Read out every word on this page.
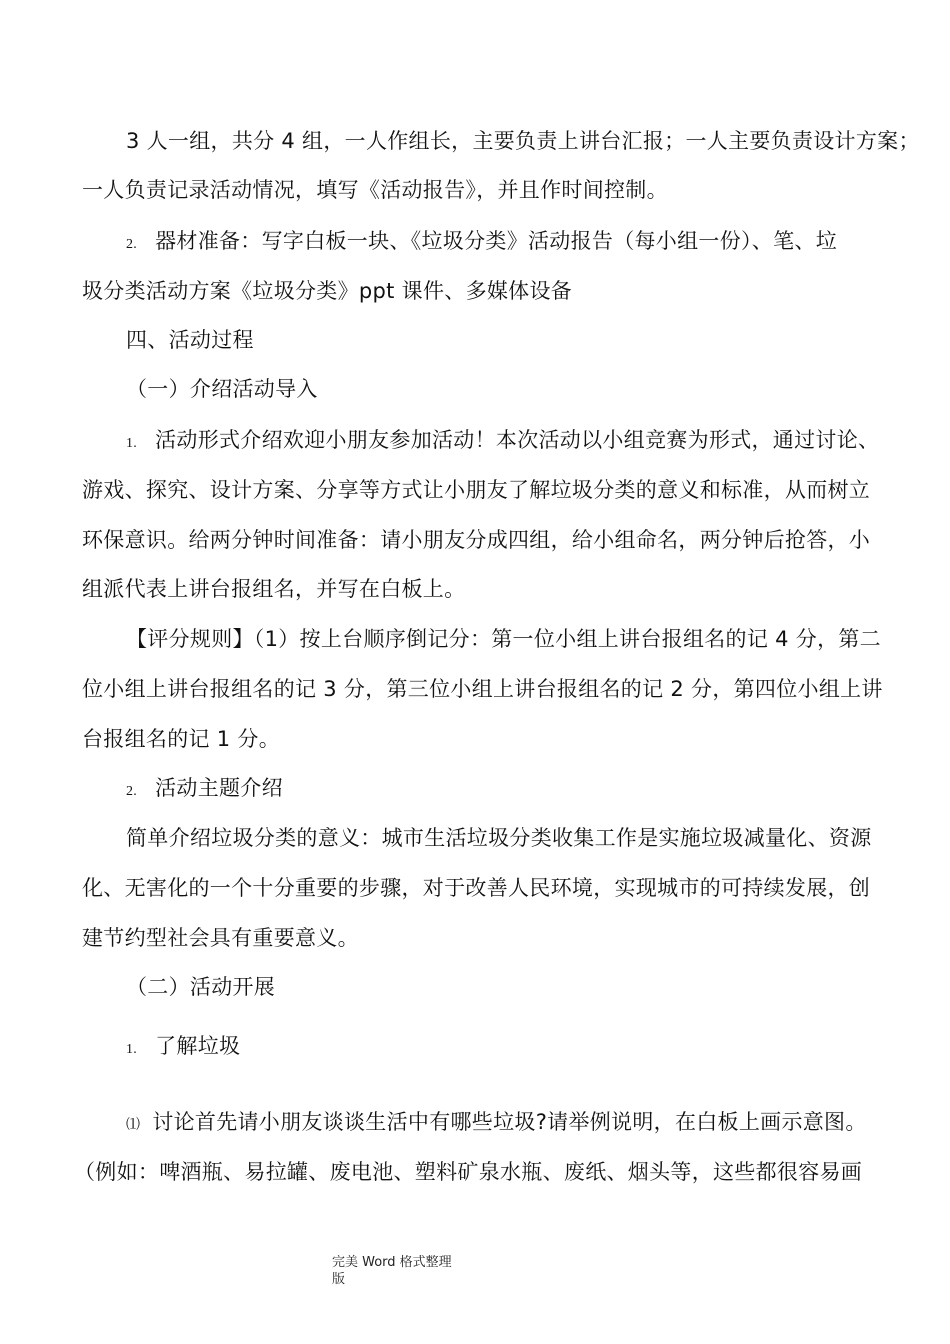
3 人一组，共分 4 组，一人作组长，主要负责上讲台汇报；一人主要负责设计方案；
一人负责记录活动情况，填写《活动报告》，并且作时间控制。
2. 器材准备：写字白板一块、《垃圾分类》活动报告（每小组一份）、笔、垃
圾分类活动方案《垃圾分类》ppt 课件、多媒体设备
四、活动过程
（一）介绍活动导入
1. 活动形式介绍欢迎小朋友参加活动！本次活动以小组竞赛为形式，通过讨论、
游戏、探究、设计方案、分享等方式让小朋友了解垃圾分类的意义和标准，从而树立
环保意识。给两分钟时间准备：请小朋友分成四组，给小组命名，两分钟后抢答，小
组派代表上讲台报组名，并写在白板上。
【评分规则】（1）按上台顺序倒记分：第一位小组上讲台报组名的记 4 分，第二
位小组上讲台报组名的记 3 分，第三位小组上讲台报组名的记 2 分，第四位小组上讲
台报组名的记 1 分。
2. 活动主题介绍
简单介绍垃圾分类的意义：城市生活垃圾分类收集工作是实施垃圾减量化、资源
化、无害化的一个十分重要的步骤，对于改善人民环境，实现城市的可持续发展，创
建节约型社会具有重要意义。
（二）活动开展
1. 了解垃圾
⑴ 讨论首先请小朋友谈谈生活中有哪些垃圾?请举例说明，在白板上画示意图。
（例如：啤酒瓶、易拉罐、废电池、塑料矿泉水瓶、废纸、烟头等，这些都很容易画
完美 Word 格式整理
版
